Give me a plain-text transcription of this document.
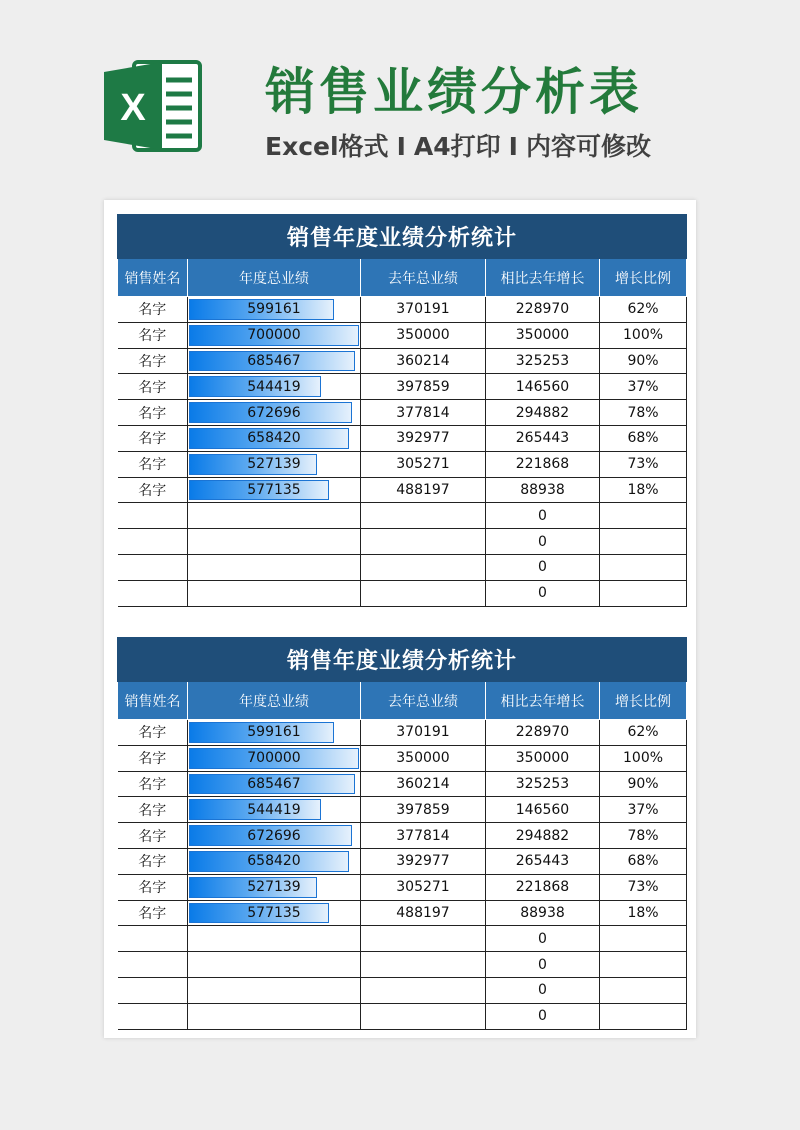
X 销售业绩分析表
Excel格式 I A4打印 I 内容可修改
销售年度业绩分析统计				
销售姓名	年度总业绩	去年总业绩	相比去年增长	增长比例
名字	599161	370191	228970	62%
名字	700000	350000	350000	100%
名字	685467	360214	325253	90%
名字	544419	397859	146560	37%
名字	672696	377814	294882	78%
名字	658420	392977	265443	68%
名字	527139	305271	221868	73%
名字	577135	488197	88938	18%
			0	
			0	
			0	
			0	
销售年度业绩分析统计				
销售姓名	年度总业绩	去年总业绩	相比去年增长	增长比例
名字	599161	370191	228970	62%
名字	700000	350000	350000	100%
名字	685467	360214	325253	90%
名字	544419	397859	146560	37%
名字	672696	377814	294882	78%
名字	658420	392977	265443	68%
名字	527139	305271	221868	73%
名字	577135	488197	88938	18%
			0	
			0	
			0	
			0	
